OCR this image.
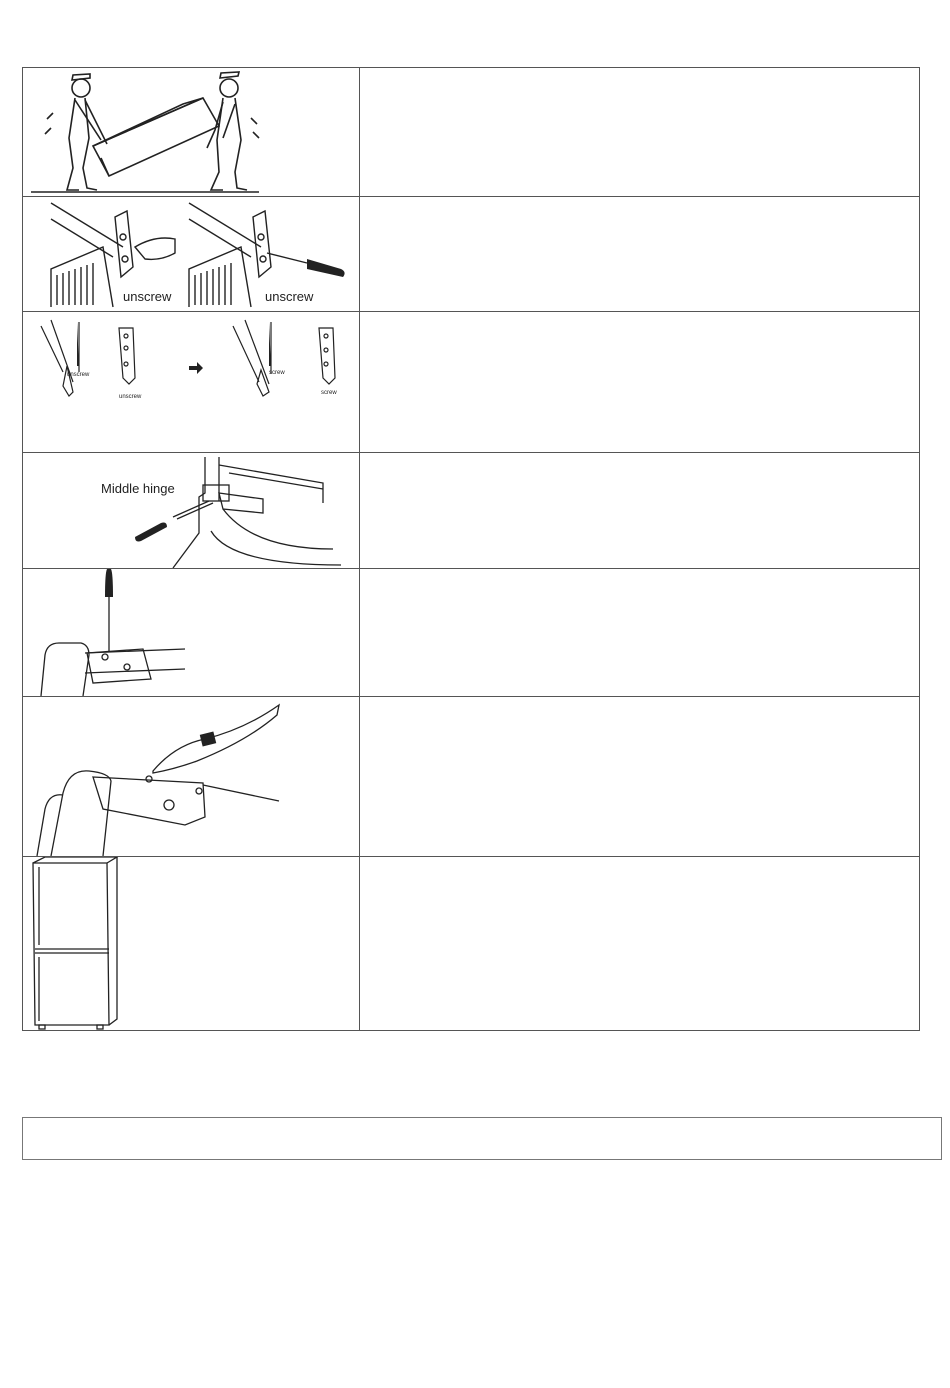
unscrew	unscrew
unscrew
unscrew
screw
screw
Middle hinge
